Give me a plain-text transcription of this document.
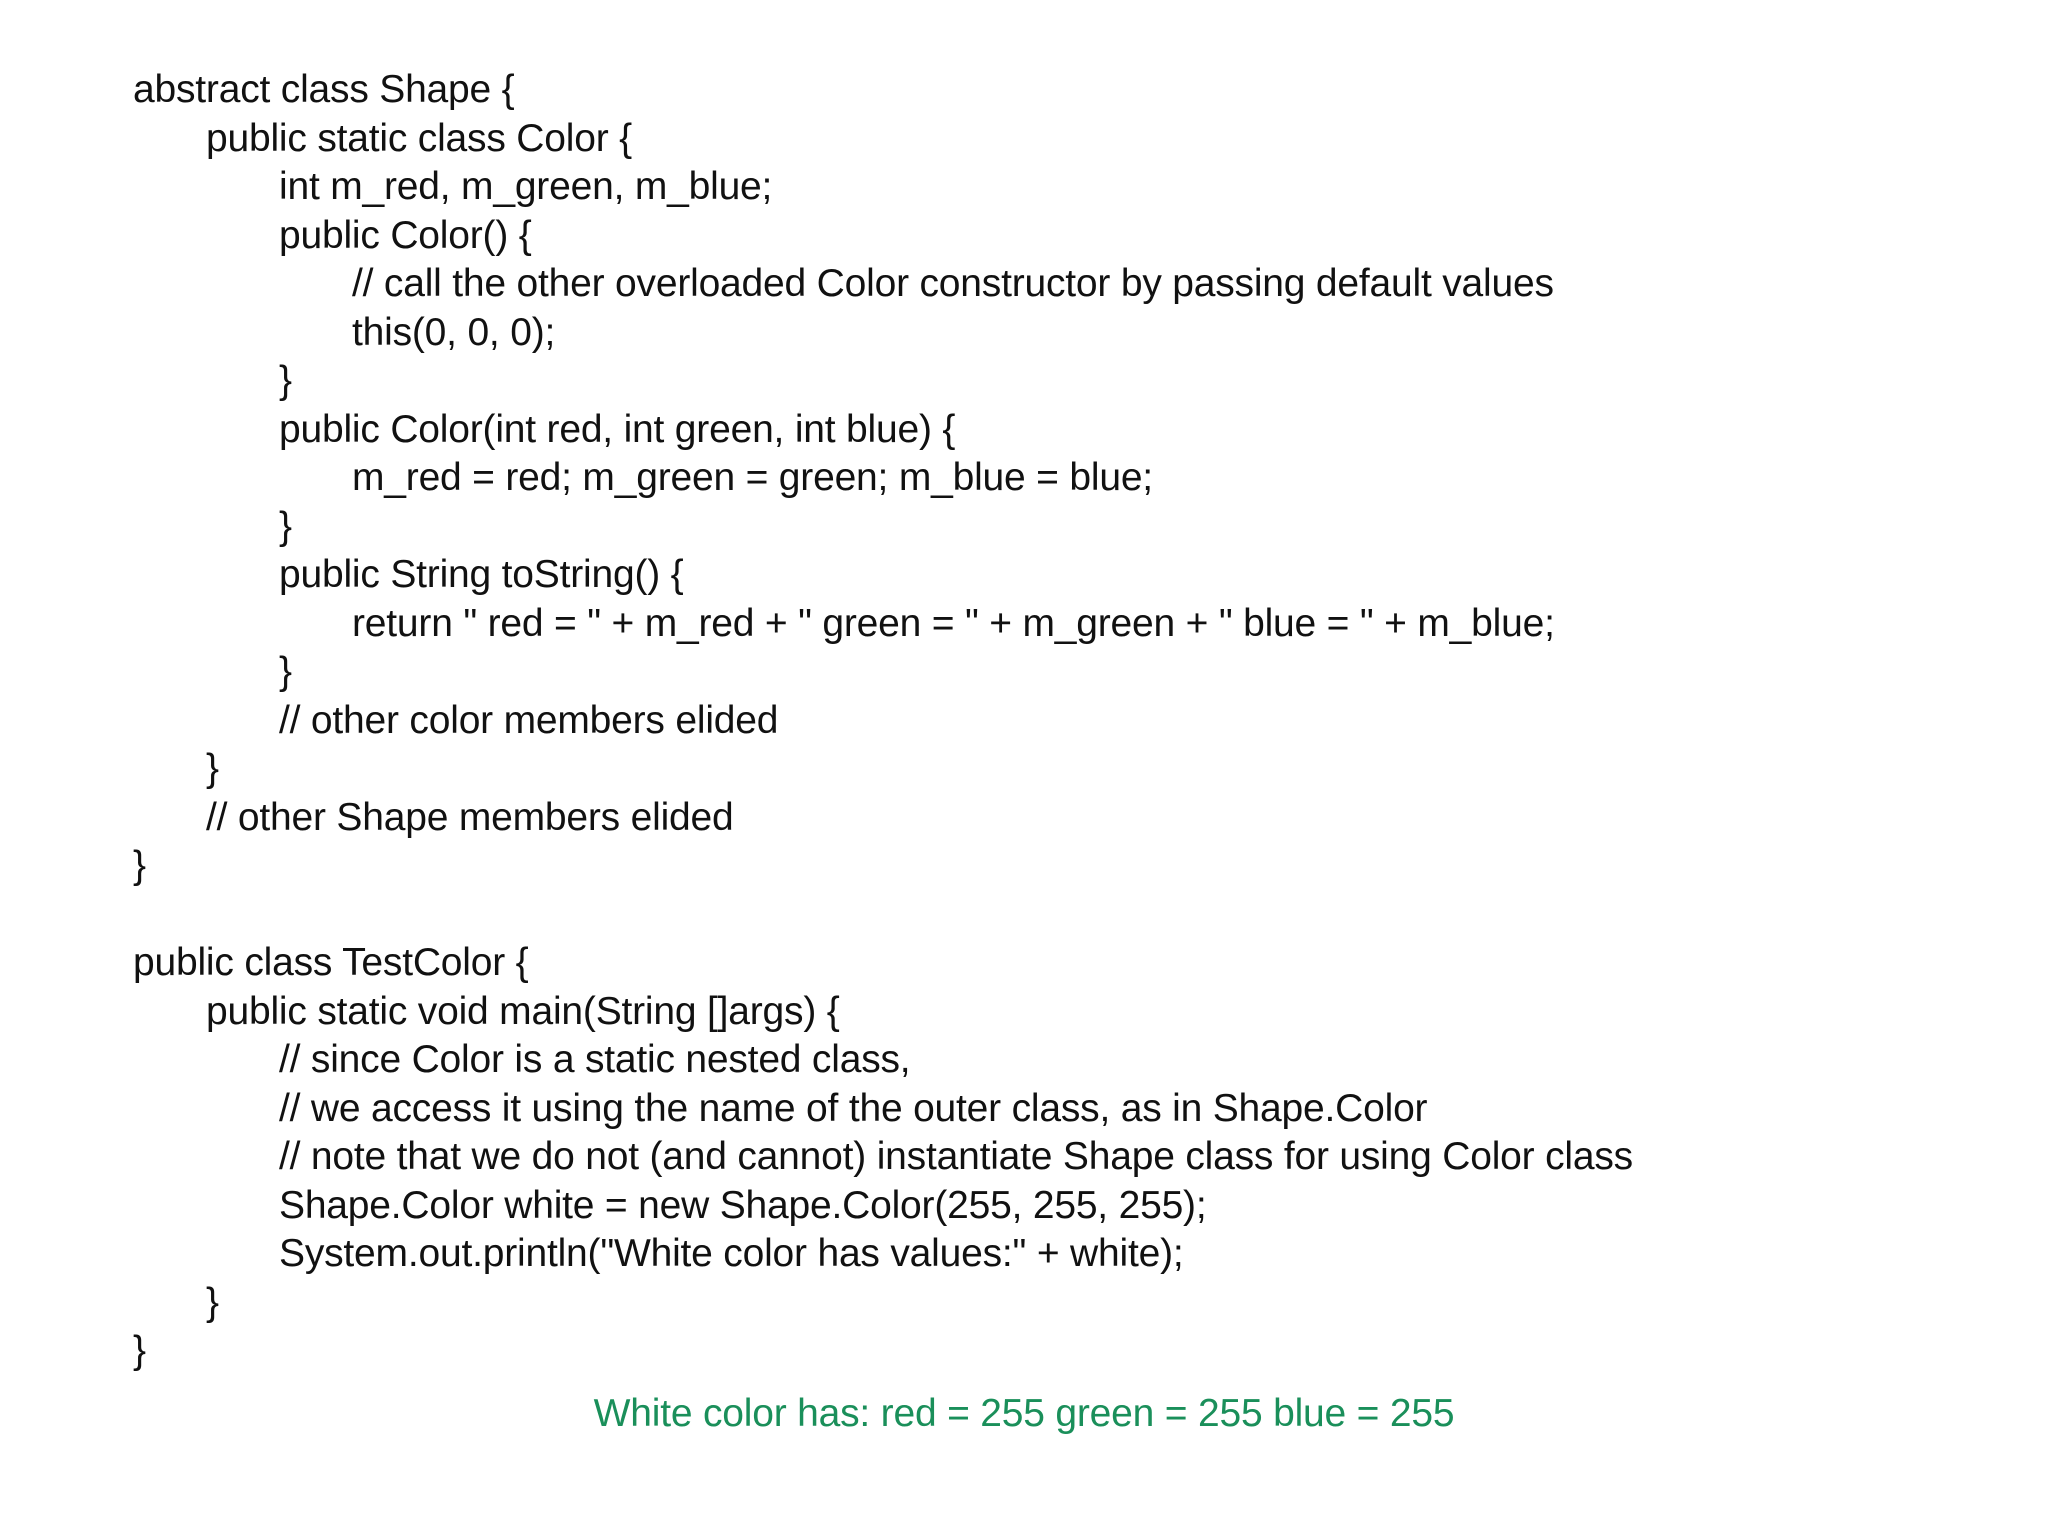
abstract class Shape {
public static class Color {
int m_red, m_green, m_blue;
public Color() {
// call the other overloaded Color constructor by passing default values
this(0, 0, 0);
}
public Color(int red, int green, int blue) {
m_red = red; m_green = green; m_blue = blue;
}
public String toString() {
return " red = " + m_red + " green = " + m_green + " blue = " + m_blue;
}
// other color members elided
}
// other Shape members elided
}
public class TestColor {
public static void main(String []args) {
// since Color is a static nested class,
// we access it using the name of the outer class, as in Shape.Color
// note that we do not (and cannot) instantiate Shape class for using Color class
Shape.Color white = new Shape.Color(255, 255, 255);
System.out.println("White color has values:" + white);
}
}
White color has: red = 255 green = 255 blue = 255
